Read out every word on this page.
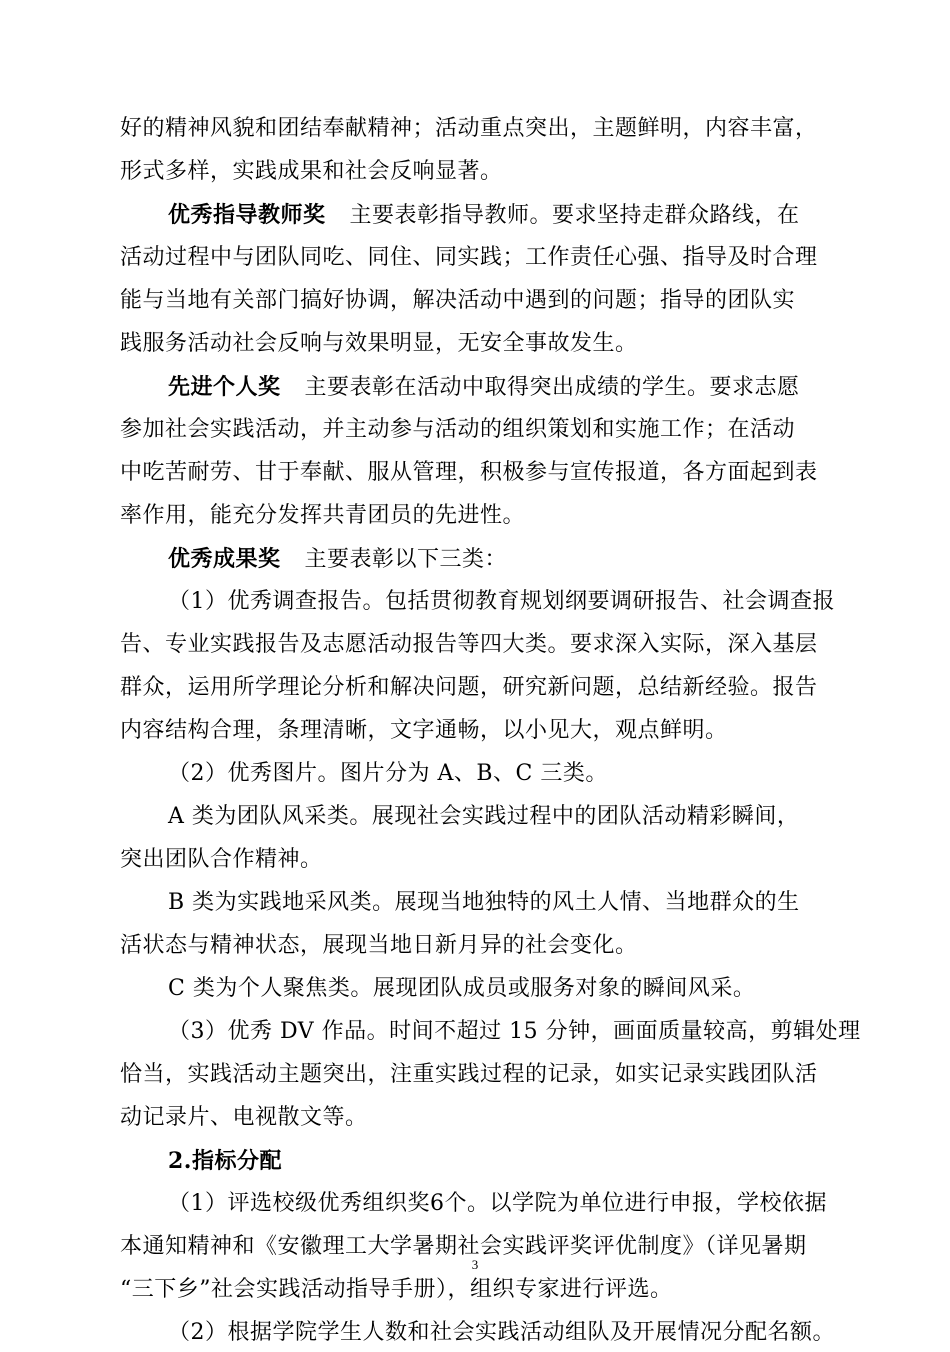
好的精神风貌和团结奉献精神；活动重点突出，主题鲜明，内容丰富，
形式多样，实践成果和社会反响显著。
优秀指导教师奖 主要表彰指导教师。要求坚持走群众路线，在
活动过程中与团队同吃、同住、同实践；工作责任心强、指导及时合理
能与当地有关部门搞好协调，解决活动中遇到的问题；指导的团队实
践服务活动社会反响与效果明显，无安全事故发生。
先进个人奖 主要表彰在活动中取得突出成绩的学生。要求志愿
参加社会实践活动，并主动参与活动的组织策划和实施工作；在活动
中吃苦耐劳、甘于奉献、服从管理，积极参与宣传报道，各方面起到表
率作用，能充分发挥共青团员的先进性。
优秀成果奖 主要表彰以下三类：
（1）优秀调查报告。包括贯彻教育规划纲要调研报告、社会调查报
告、专业实践报告及志愿活动报告等四大类。要求深入实际，深入基层
群众，运用所学理论分析和解决问题，研究新问题，总结新经验。报告
内容结构合理，条理清晰，文字通畅，以小见大，观点鲜明。
（2）优秀图片。图片分为 A、B、C 三类。
A 类为团队风采类。展现社会实践过程中的团队活动精彩瞬间，
突出团队合作精神。
B 类为实践地采风类。展现当地独特的风土人情、当地群众的生
活状态与精神状态，展现当地日新月异的社会变化。
C 类为个人聚焦类。展现团队成员或服务对象的瞬间风采。
（3）优秀 DV 作品。时间不超过 15 分钟，画面质量较高，剪辑处理
恰当，实践活动主题突出，注重实践过程的记录，如实记录实践团队活
动记录片、电视散文等。
2.指标分配
（1）评选校级优秀组织奖6个。以学院为单位进行申报，学校依据
本通知精神和《安徽理工大学暑期社会实践评奖评优制度》（详见暑期
“三下乡”社会实践活动指导手册），组织专家进行评选。
（2）根据学院学生人数和社会实践活动组队及开展情况分配名额。
3
